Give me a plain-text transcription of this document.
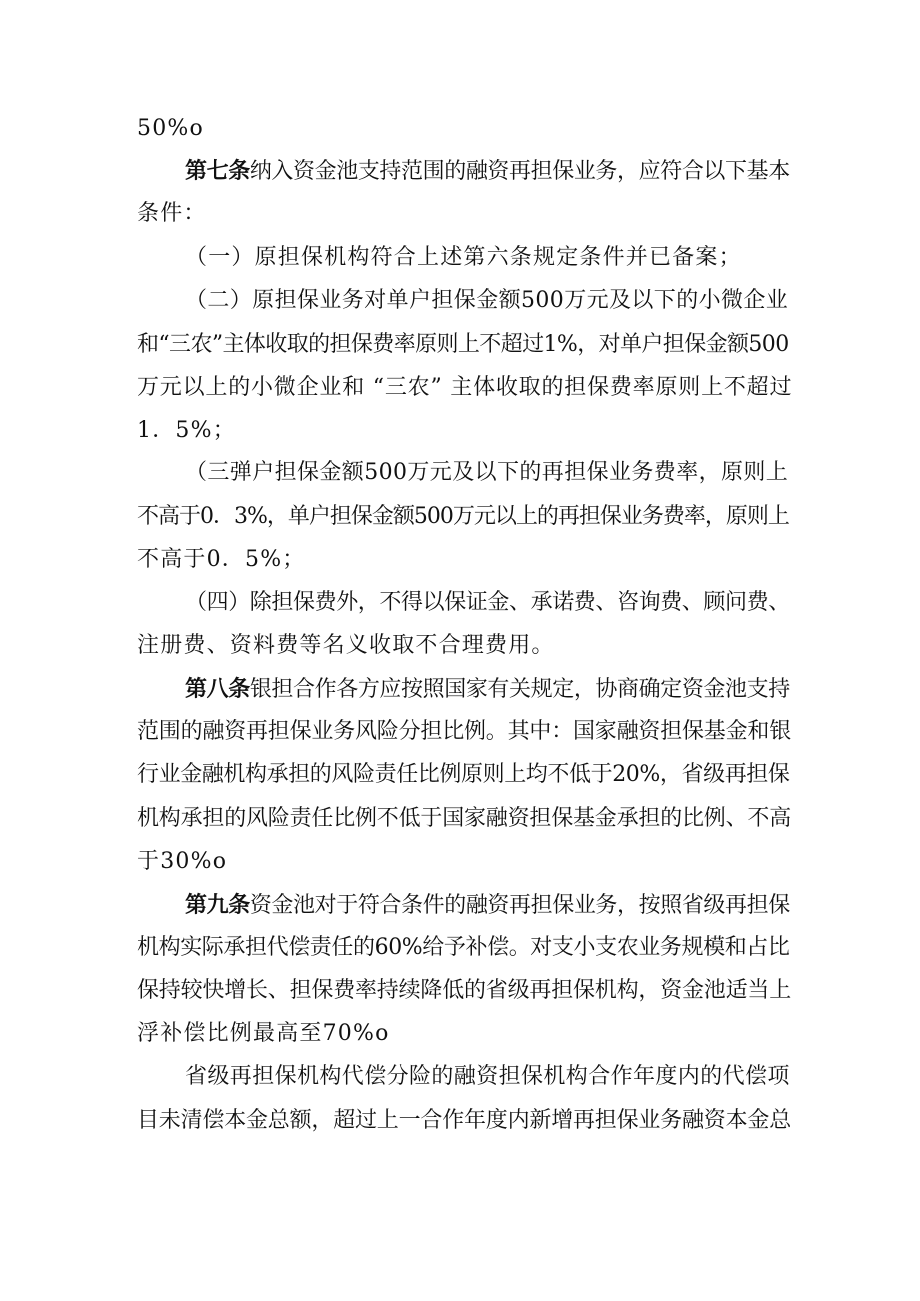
50%o
第七条纳入资金池支持范围的融资再担保业务，应符合以下基本
条件：
（一）原担保机构符合上述第六条规定条件并已备案；
（二）原担保业务对单户担保金额500万元及以下的小微企业
和“三农”主体收取的担保费率原则上不超过1%，对单户担保金额500
万元以上的小微企业和 “三农” 主体收取的担保费率原则上不超过
1．5%；
（三弹户担保金额500万元及以下的再担保业务费率，原则上
不高于0．3%，单户担保金额500万元以上的再担保业务费率，原则上
不高于0．5%；
（四）除担保费外，不得以保证金、承诺费、咨询费、顾问费、
注册费、资料费等名义收取不合理费用。
第八条银担合作各方应按照国家有关规定，协商确定资金池支持
范围的融资再担保业务风险分担比例。其中：国家融资担保基金和银
行业金融机构承担的风险责任比例原则上均不低于20%，省级再担保
机构承担的风险责任比例不低于国家融资担保基金承担的比例、不高
于30%o
第九条资金池对于符合条件的融资再担保业务，按照省级再担保
机构实际承担代偿责任的60%给予补偿。对支小支农业务规模和占比
保持较快增长、担保费率持续降低的省级再担保机构，资金池适当上
浮补偿比例最高至70%o
省级再担保机构代偿分险的融资担保机构合作年度内的代偿项
目未清偿本金总额，超过上一合作年度内新增再担保业务融资本金总
